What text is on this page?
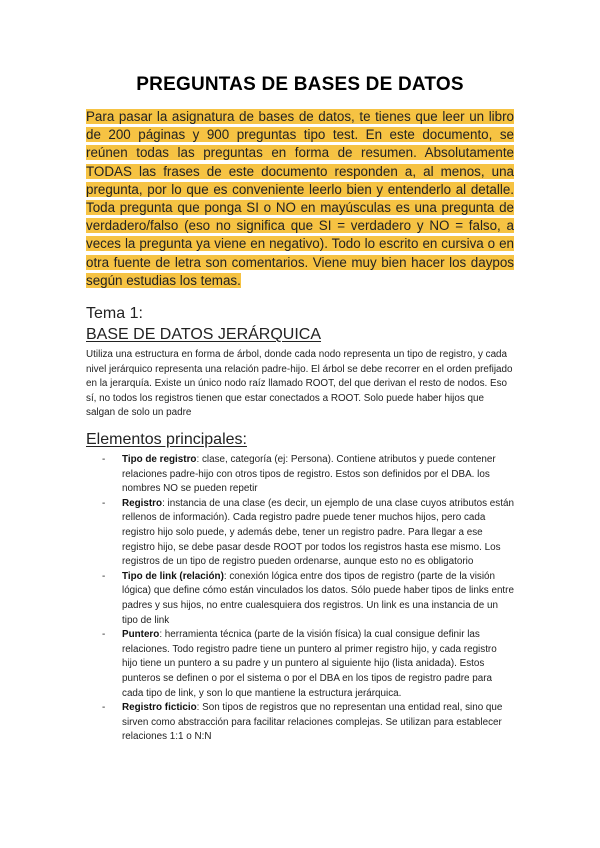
PREGUNTAS DE BASES DE DATOS

Para pasar la asignatura de bases de datos, te tienes que leer un libro de 200 páginas y 900 preguntas tipo test. En este documento, se reúnen todas las preguntas en forma de resumen. Absolutamente TODAS las frases de este documento responden a, al menos, una pregunta, por lo que es conveniente leerlo bien y entenderlo al detalle. Toda pregunta que ponga SI o NO en mayúsculas es una pregunta de verdadero/falso (eso no significa que SI = verdadero y NO = falso, a veces la pregunta ya viene en negativo). Todo lo escrito en cursiva o en otra fuente de letra son comentarios. Viene muy bien hacer los daypos según estudias los temas.

Tema 1:
BASE DE DATOS JERÁRQUICA

Utiliza una estructura en forma de árbol, donde cada nodo representa un tipo de registro, y cada nivel jerárquico representa una relación padre-hijo. El árbol se debe recorrer en el orden prefijado en la jerarquía. Existe un único nodo raíz llamado ROOT, del que derivan el resto de nodos. Eso sí, no todos los registros tienen que estar conectados a ROOT. Solo puede haber hijos que salgan de solo un padre

Elementos principales:
- Tipo de registro: clase, categoría (ej: Persona). Contiene atributos y puede contener relaciones padre-hijo con otros tipos de registro. Estos son definidos por el DBA. los nombres NO se pueden repetir
- Registro: instancia de una clase (es decir, un ejemplo de una clase cuyos atributos están rellenos de información). Cada registro padre puede tener muchos hijos, pero cada registro hijo solo puede, y además debe, tener un registro padre. Para llegar a ese registro hijo, se debe pasar desde ROOT por todos los registros hasta ese mismo. Los registros de un tipo de registro pueden ordenarse, aunque esto no es obligatorio
- Tipo de link (relación): conexión lógica entre dos tipos de registro (parte de la visión lógica) que define cómo están vinculados los datos. Sólo puede haber tipos de links entre padres y sus hijos, no entre cualesquiera dos registros. Un link es una instancia de un tipo de link
- Puntero: herramienta técnica (parte de la visión física) la cual consigue definir las relaciones. Todo registro padre tiene un puntero al primer registro hijo, y cada registro hijo tiene un puntero a su padre y un puntero al siguiente hijo (lista anidada). Estos punteros se definen o por el sistema o por el DBA en los tipos de registro padre para cada tipo de link, y son lo que mantiene la estructura jerárquica.
- Registro ficticio: Son tipos de registros que no representan una entidad real, sino que sirven como abstracción para facilitar relaciones complejas. Se utilizan para establecer relaciones 1:1 o N:N
